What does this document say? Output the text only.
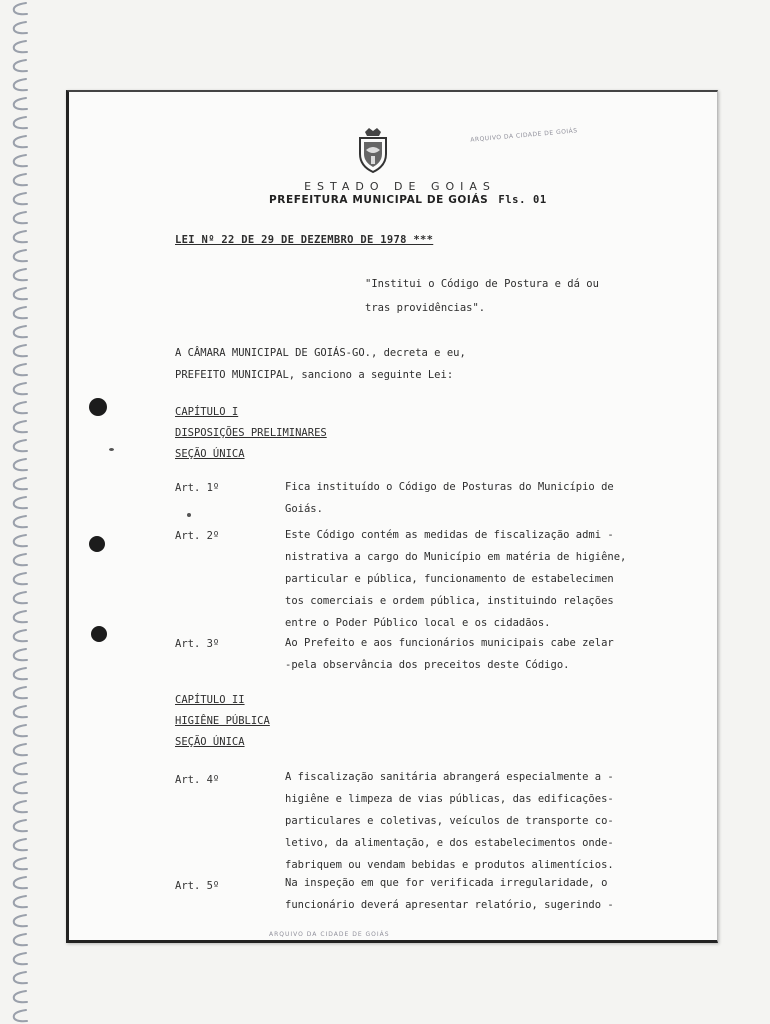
ARQUIVO DA CIDADE DE GOIÁS
ESTADO DE GOIAS
PREFEITURA MUNICIPAL DE GOIÁS Fls. 01
LEI Nº 22 DE 29 DE DEZEMBRO DE 1978 ***
"Institui o Código de Postura e dá ou
tras providências".
A CÂMARA MUNICIPAL DE GOIÁS-GO., decreta e eu,
PREFEITO MUNICIPAL, sanciono a seguinte Lei:
CAPÍTULO I
DISPOSIÇÕES PRELIMINARES
SEÇÃO ÚNICA
Art. 1º	Fica instituído o Código de Posturas do Município de
Goiás.
Art. 2º	Este Código contém as medidas de fiscalização admi -
nistrativa a cargo do Município em matéria de higiêne,
particular e pública, funcionamento de estabelecimen
tos comerciais e ordem pública, instituindo relações
entre o Poder Público local e os cidadãos.
Art. 3º	Ao Prefeito e aos funcionários municipais cabe zelar
-pela observância dos preceitos deste Código.
CAPÍTULO II
HIGIÊNE PÚBLICA
SEÇÃO ÚNICA
Art. 4º	A fiscalização sanitária abrangerá especialmente a -
higiêne e limpeza de vias públicas, das edificações-
particulares e coletivas, veículos de transporte co-
letivo, da alimentação, e dos estabelecimentos onde-
fabriquem ou vendam bebidas e produtos alimentícios.
Art. 5º	Na inspeção em que for verificada irregularidade, o
funcionário deverá apresentar relatório, sugerindo -
ARQUIVO DA CIDADE DE GOIÁS
